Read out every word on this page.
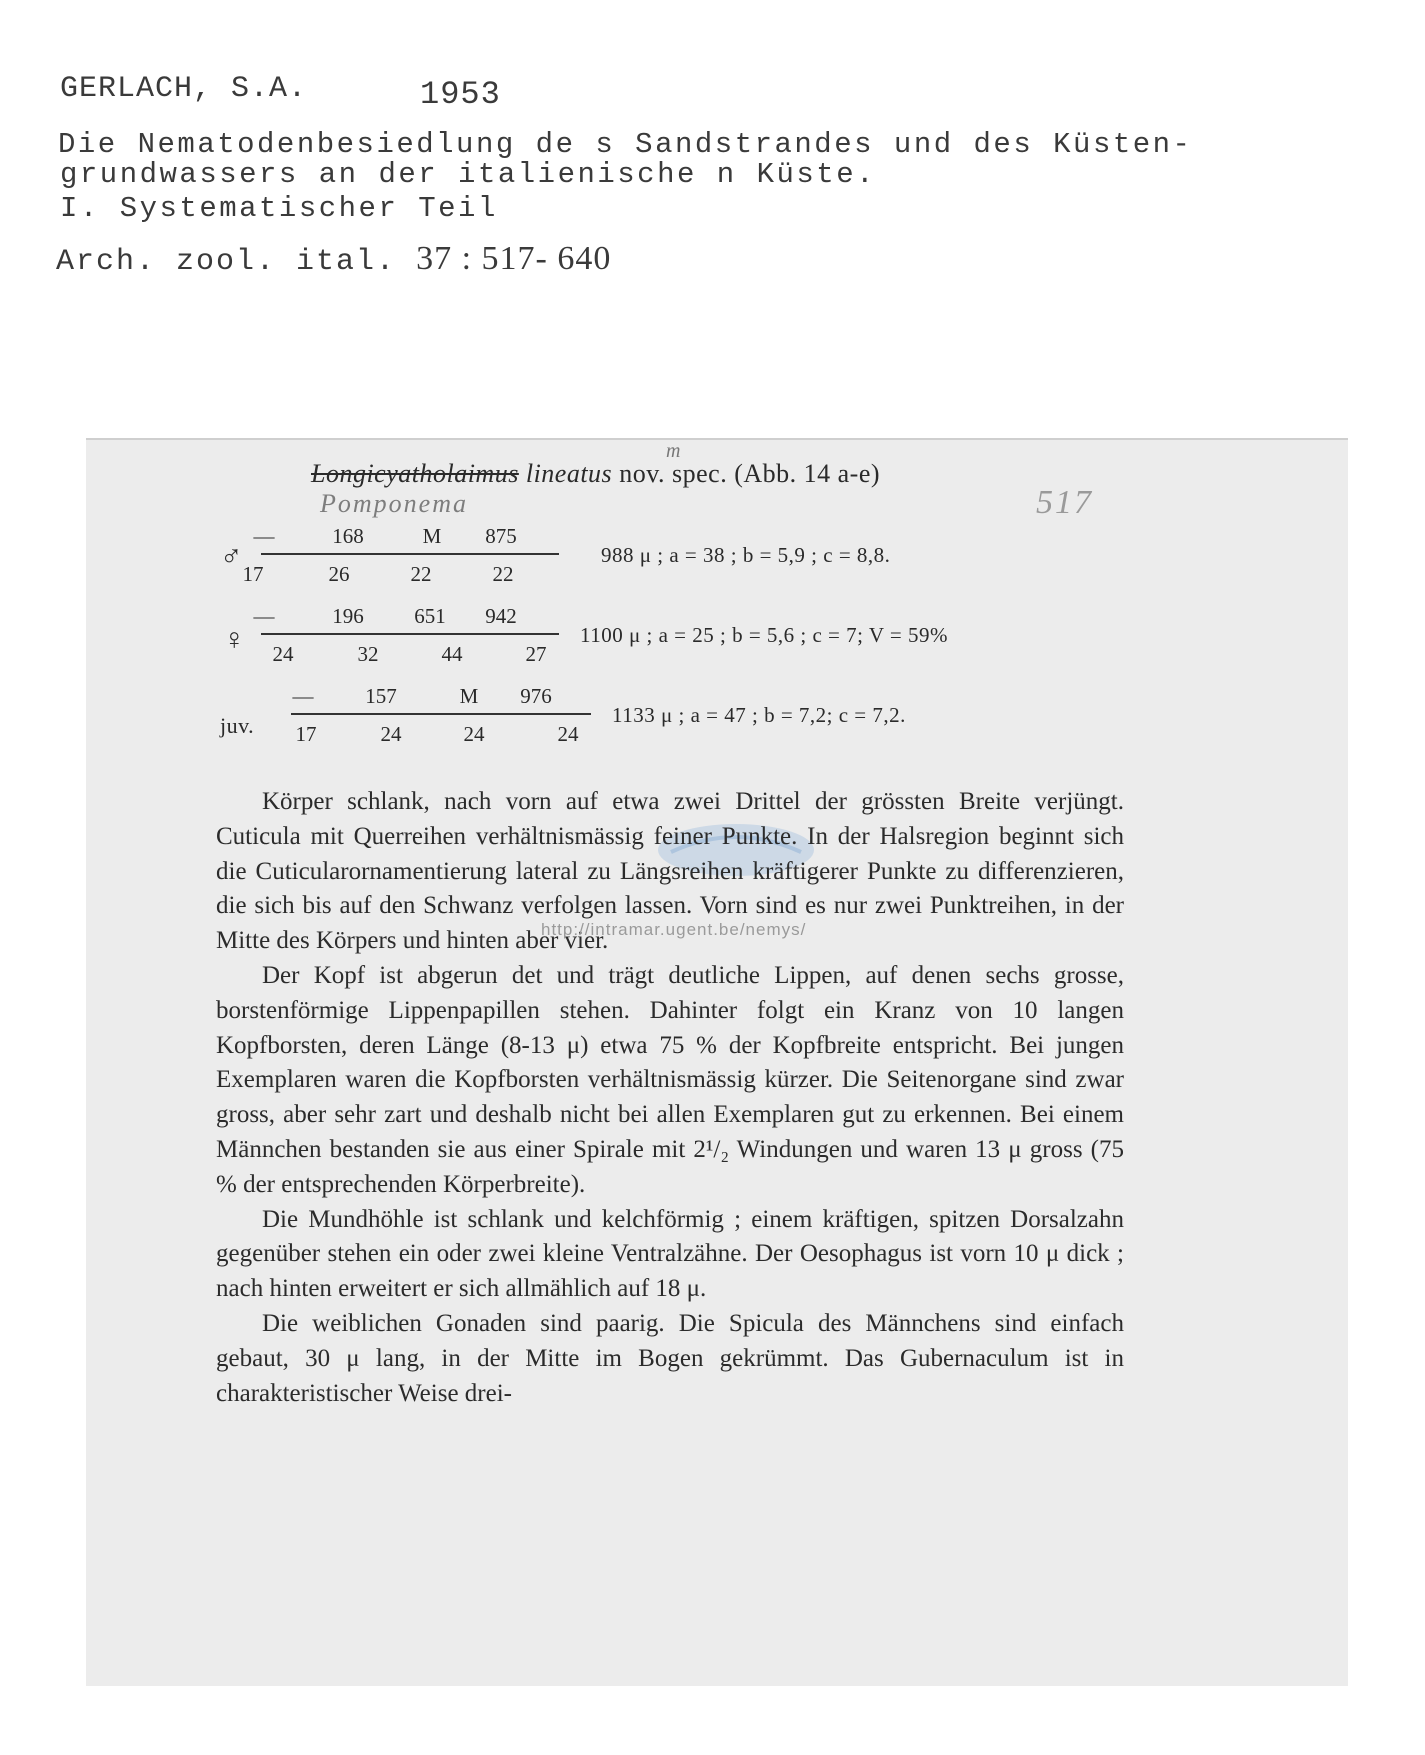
GERLACH, S.A.	1953
Die Nematodenbesiedlung de s Sandstrandes und des Küsten-
grundwassers an der italienische n Küste.
I. Systematischer Teil
Arch. zool. ital. 37 : 517- 640
m
Longicyatholaimus lineatus nov. spec. (Abb. 14 a-e)
Pomponema	517
♂
—	168	M	875
17	26	22	22
988 μ ; a = 38 ; b = 5,9 ; c = 8,8.
♀
—	196	651	942
24	32	44	27
1100 μ ; a = 25 ; b = 5,6 ; c = 7; V = 59%
juv.
—	157	M	976
17	24	24	24
1133 μ ; a = 47 ; b = 7,2; c = 7,2.

Körper schlank, nach vorn auf etwa zwei Drittel der grössten Breite verjüngt. Cuticula mit Querreihen verhältnismässig feiner Punkte. In der Halsregion beginnt sich die Cuticularornamentierung lateral zu Längsreihen kräftigerer Punkte zu differenzieren, die sich bis auf den Schwanz verfolgen lassen. Vorn sind es nur zwei Punktreihen, in der Mitte des Körpers und hinten aber vier.

Der Kopf ist abgerun det und trägt deutliche Lippen, auf denen sechs grosse, borstenförmige Lippenpapillen stehen. Dahinter folgt ein Kranz von 10 langen Kopfborsten, deren Länge (8-13 μ) etwa 75 % der Kopfbreite entspricht. Bei jungen Exemplaren waren die Kopfborsten verhältnismässig kürzer. Die Seitenorgane sind zwar gross, aber sehr zart und deshalb nicht bei allen Exemplaren gut zu erkennen. Bei einem Männchen bestanden sie aus einer Spirale mit 2¹/₂ Windungen und waren 13 μ gross (75 % der entsprechenden Körperbreite).

Die Mundhöhle ist schlank und kelchförmig ; einem kräftigen, spitzen Dorsalzahn gegenüber stehen ein oder zwei kleine Ventralzähne. Der Oesophagus ist vorn 10 μ dick ; nach hinten erweitert er sich allmählich auf 18 μ.

Die weiblichen Gonaden sind paarig. Die Spicula des Männchens sind einfach gebaut, 30 μ lang, in der Mitte im Bogen gekrümmt. Das Gubernaculum ist in charakteristischer Weise drei-

http://intramar.ugent.be/nemys/
